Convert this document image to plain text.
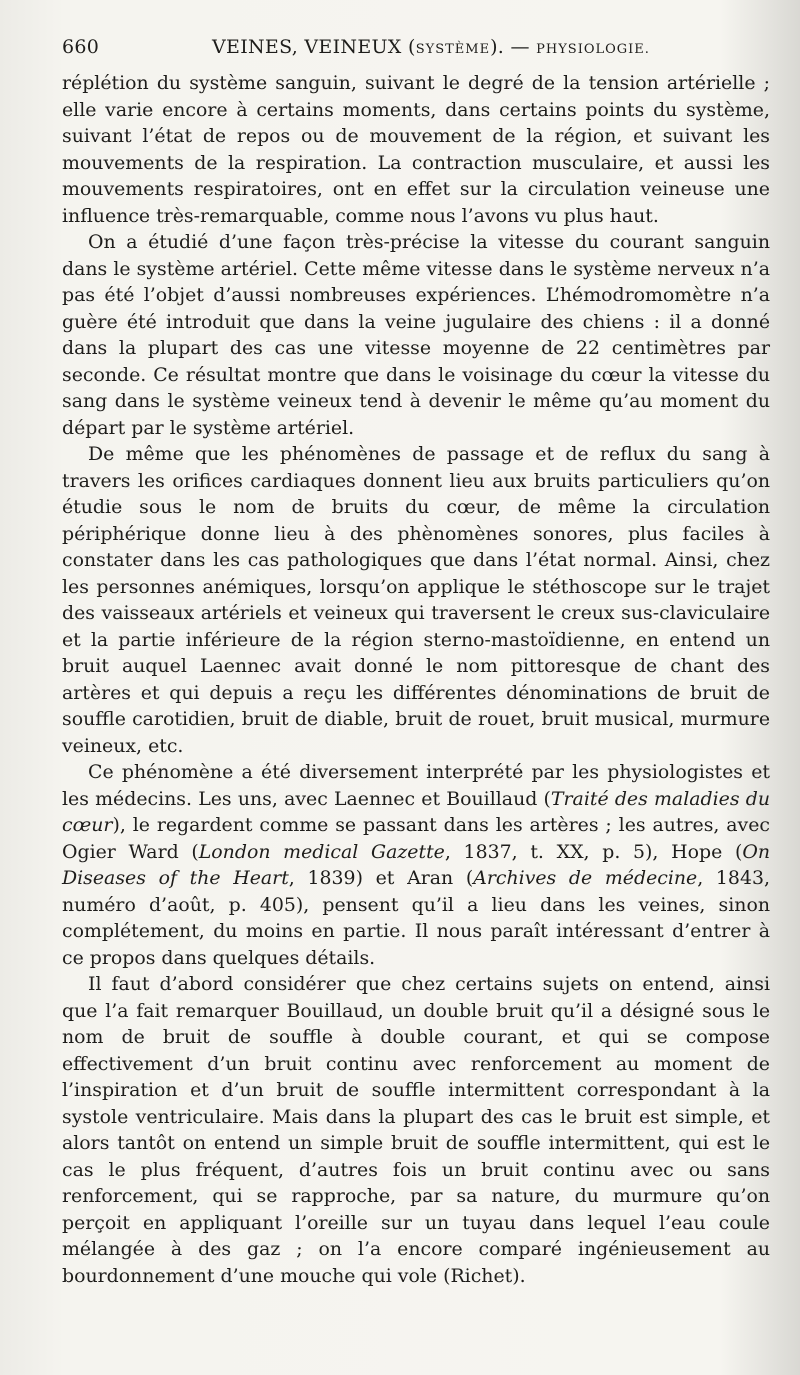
660	VEINES, VEINEUX (SYSTÈME). — PHYSIOLOGIE.

réplétion du système sanguin, suivant le degré de la tension artérielle ; elle varie encore à certains moments, dans certains points du système, suivant l’état de repos ou de mouvement de la région, et suivant les mouvements de la respiration. La contraction musculaire, et aussi les mouvements respiratoires, ont en effet sur la circulation veineuse une influence très-remarquable, comme nous l’avons vu plus haut.

On a étudié d’une façon très-précise la vitesse du courant sanguin dans le système artériel. Cette même vitesse dans le système nerveux n’a pas été l’objet d’aussi nombreuses expériences. L’hémodromomètre n’a guère été introduit que dans la veine jugulaire des chiens : il a donné dans la plupart des cas une vitesse moyenne de 22 centimètres par seconde. Ce résultat montre que dans le voisinage du cœur la vitesse du sang dans le système veineux tend à devenir le même qu’au moment du départ par le système artériel.

De même que les phénomènes de passage et de reflux du sang à travers les orifices cardiaques donnent lieu aux bruits particuliers qu’on étudie sous le nom de bruits du cœur, de même la circulation périphérique donne lieu à des phènomènes sonores, plus faciles à constater dans les cas pathologiques que dans l’état normal. Ainsi, chez les personnes anémiques, lorsqu’on applique le stéthoscope sur le trajet des vaisseaux artériels et veineux qui traversent le creux sus-claviculaire et la partie inférieure de la région sterno-mastoïdienne, en entend un bruit auquel Laennec avait donné le nom pittoresque de chant des artères et qui depuis a reçu les différentes dénominations de bruit de souffle carotidien, bruit de diable, bruit de rouet, bruit musical, murmure veineux, etc.

Ce phénomène a été diversement interprété par les physiologistes et les médecins. Les uns, avec Laennec et Bouillaud (Traité des maladies du cœur), le regardent comme se passant dans les artères ; les autres, avec Ogier Ward (London medical Gazette, 1837, t. XX, p. 5), Hope (On Diseases of the Heart, 1839) et Aran (Archives de médecine, 1843, numéro d’août, p. 405), pensent qu’il a lieu dans les veines, sinon complétement, du moins en partie. Il nous paraît intéressant d’entrer à ce propos dans quelques détails.

Il faut d’abord considérer que chez certains sujets on entend, ainsi que l’a fait remarquer Bouillaud, un double bruit qu’il a désigné sous le nom de bruit de souffle à double courant, et qui se compose effectivement d’un bruit continu avec renforcement au moment de l’inspiration et d’un bruit de souffle intermittent correspondant à la systole ventriculaire. Mais dans la plupart des cas le bruit est simple, et alors tantôt on entend un simple bruit de souffle intermittent, qui est le cas le plus fréquent, d’autres fois un bruit continu avec ou sans renforcement, qui se rapproche, par sa nature, du murmure qu’on perçoit en appliquant l’oreille sur un tuyau dans lequel l’eau coule mélangée à des gaz ; on l’a encore comparé ingénieusement au bourdonnement d’une mouche qui vole (Richet).
